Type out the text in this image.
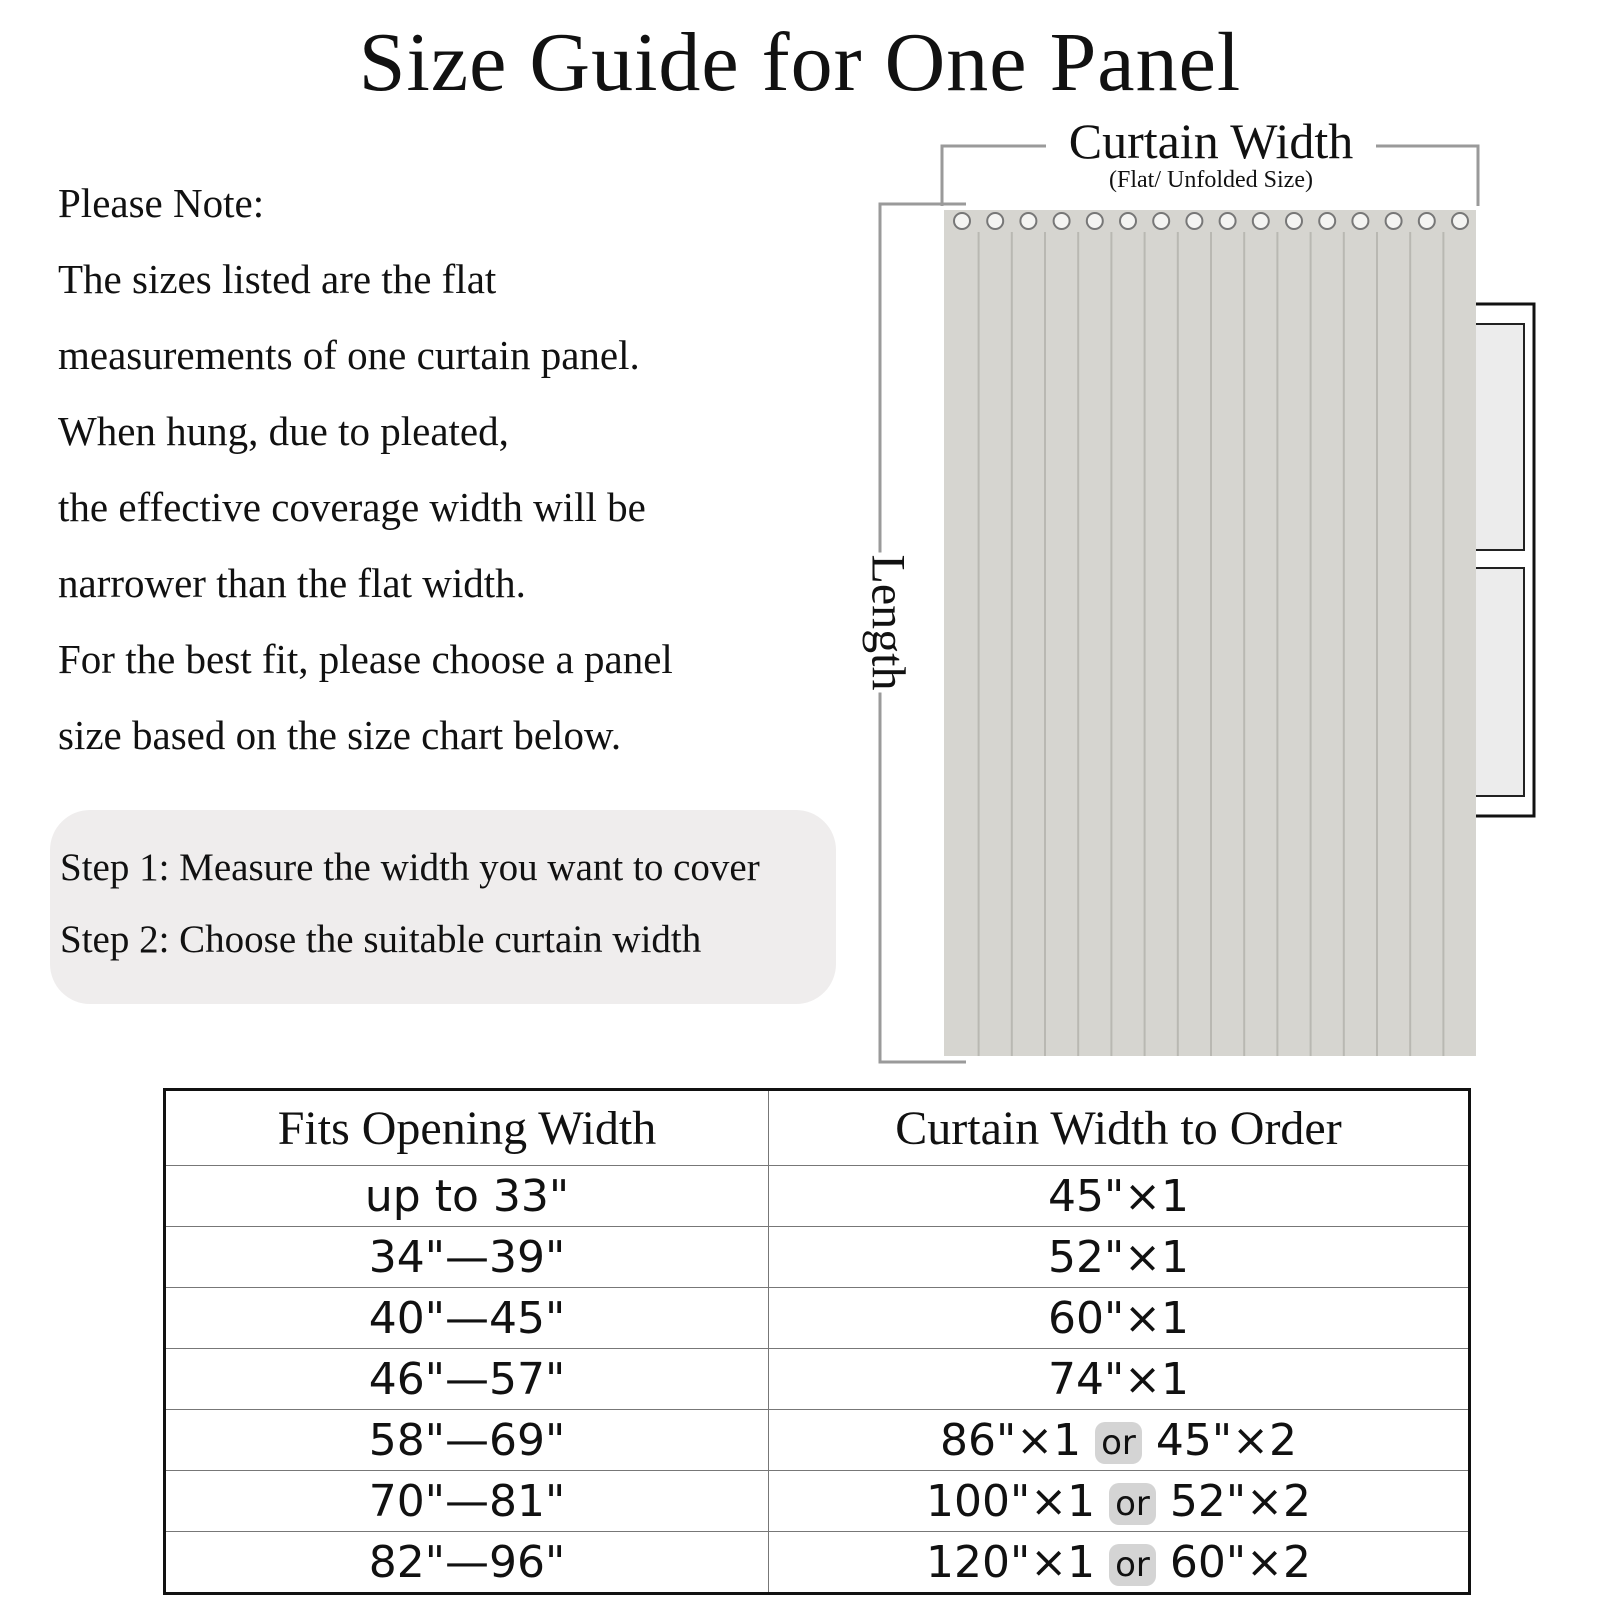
Size Guide for One Panel
Please Note:
The sizes listed are the flat
measurements of one curtain panel.
When hung, due to pleated,
the effective coverage width will be
narrower than the flat width.
For the best fit, please choose a panel
size based on the size chart below.
Step 1: Measure the width you want to cover
Step 2: Choose the suitable curtain width
Curtain Width
(Flat/ Unfolded Size)
Length
Fits Opening Width	Curtain Width to Order
up to 33"	45"×1
34"—39"	52"×1
40"—45"	60"×1
46"—57"	74"×1
58"—69"	86"×1 or 45"×2
70"—81"	100"×1 or 52"×2
82"—96"	120"×1 or 60"×2
